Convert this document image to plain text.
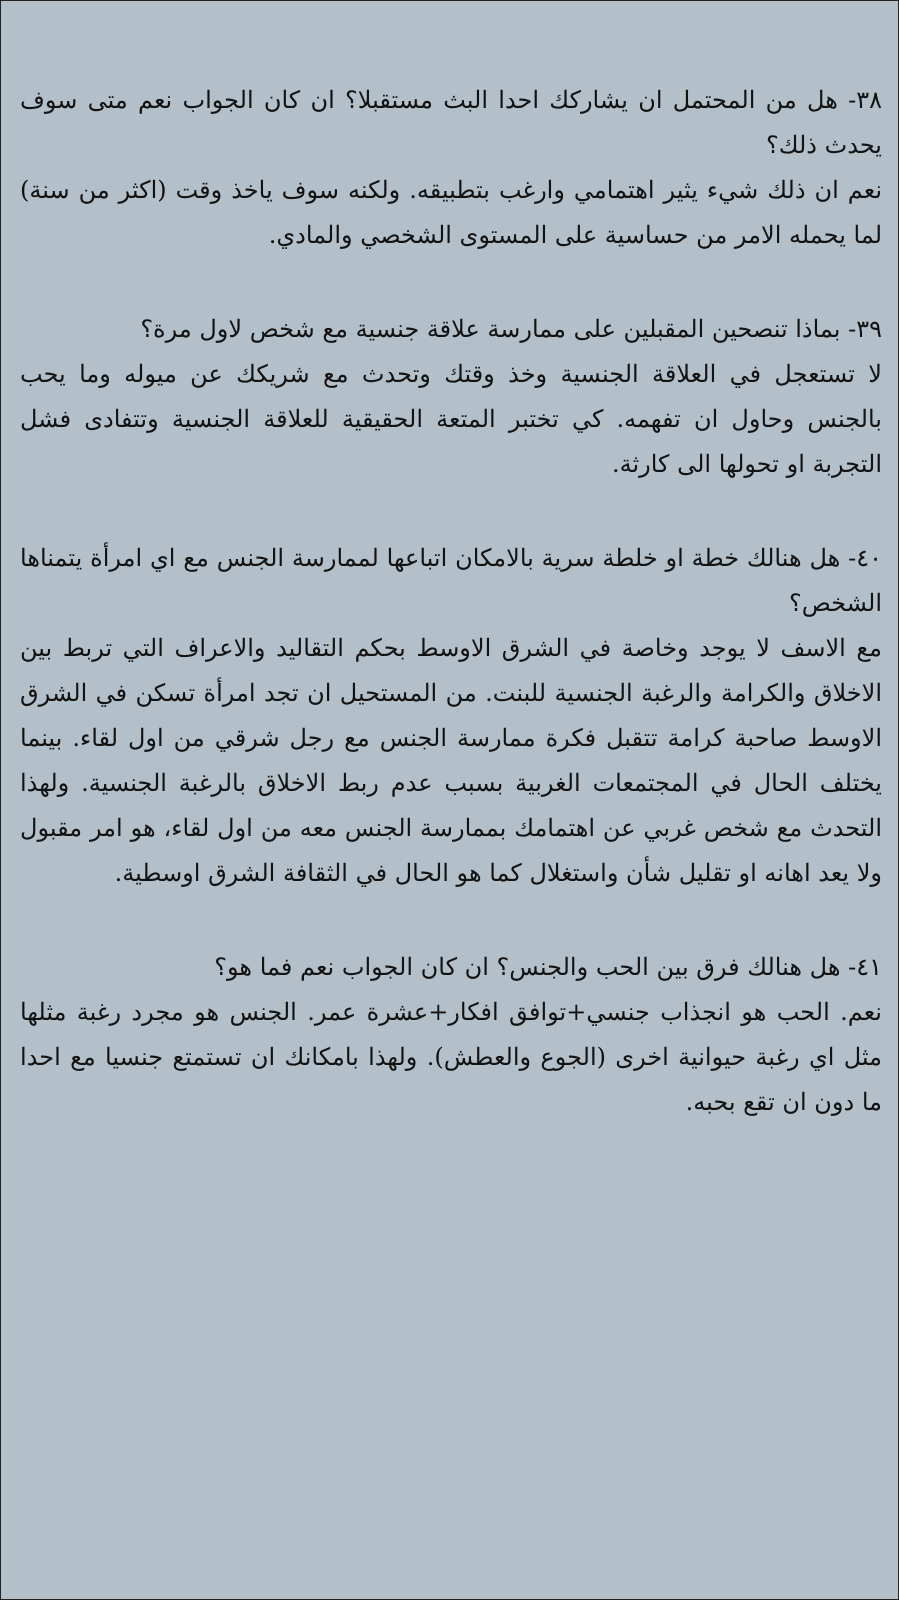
٣٨- هل من المحتمل ان يشاركك احدا البث مستقبلا؟ ان كان الجواب نعم متى سوف يحدث ذلك؟

نعم ان ذلك شيء يثير اهتمامي وارغب بتطبيقه. ولكنه سوف ياخذ وقت (اكثر من سنة) لما يحمله الامر من حساسية على المستوى الشخصي والمادي.

٣٩- بماذا تنصحين المقبلين على ممارسة علاقة جنسية مع شخص لاول مرة؟

لا تستعجل في العلاقة الجنسية وخذ وقتك وتحدث مع شريكك عن ميوله وما يحب بالجنس وحاول ان تفهمه. كي تختبر المتعة الحقيقية للعلاقة الجنسية وتتفادى فشل التجربة او تحولها الى كارثة.

٤٠- هل هنالك خطة او خلطة سرية بالامكان اتباعها لممارسة الجنس مع اي امرأة يتمناها الشخص؟

مع الاسف لا يوجد وخاصة في الشرق الاوسط بحكم التقاليد والاعراف التي تربط بين الاخلاق والكرامة والرغبة الجنسية للبنت. من المستحيل ان تجد امرأة تسكن في الشرق الاوسط صاحبة كرامة تتقبل فكرة ممارسة الجنس مع رجل شرقي من اول لقاء. بينما يختلف الحال في المجتمعات الغربية بسبب عدم ربط الاخلاق بالرغبة الجنسية. ولهذا التحدث مع شخص غربي عن اهتمامك بممارسة الجنس معه من اول لقاء، هو امر مقبول ولا يعد اهانه او تقليل شأن واستغلال كما هو الحال في الثقافة الشرق اوسطية.

٤١- هل هنالك فرق بين الحب والجنس؟ ان كان الجواب نعم فما هو؟

نعم. الحب هو انجذاب جنسي+توافق افكار+عشرة عمر. الجنس هو مجرد رغبة مثلها مثل اي رغبة حيوانية اخرى (الجوع والعطش). ولهذا بامكانك ان تستمتع جنسيا مع احدا ما دون ان تقع بحبه.
